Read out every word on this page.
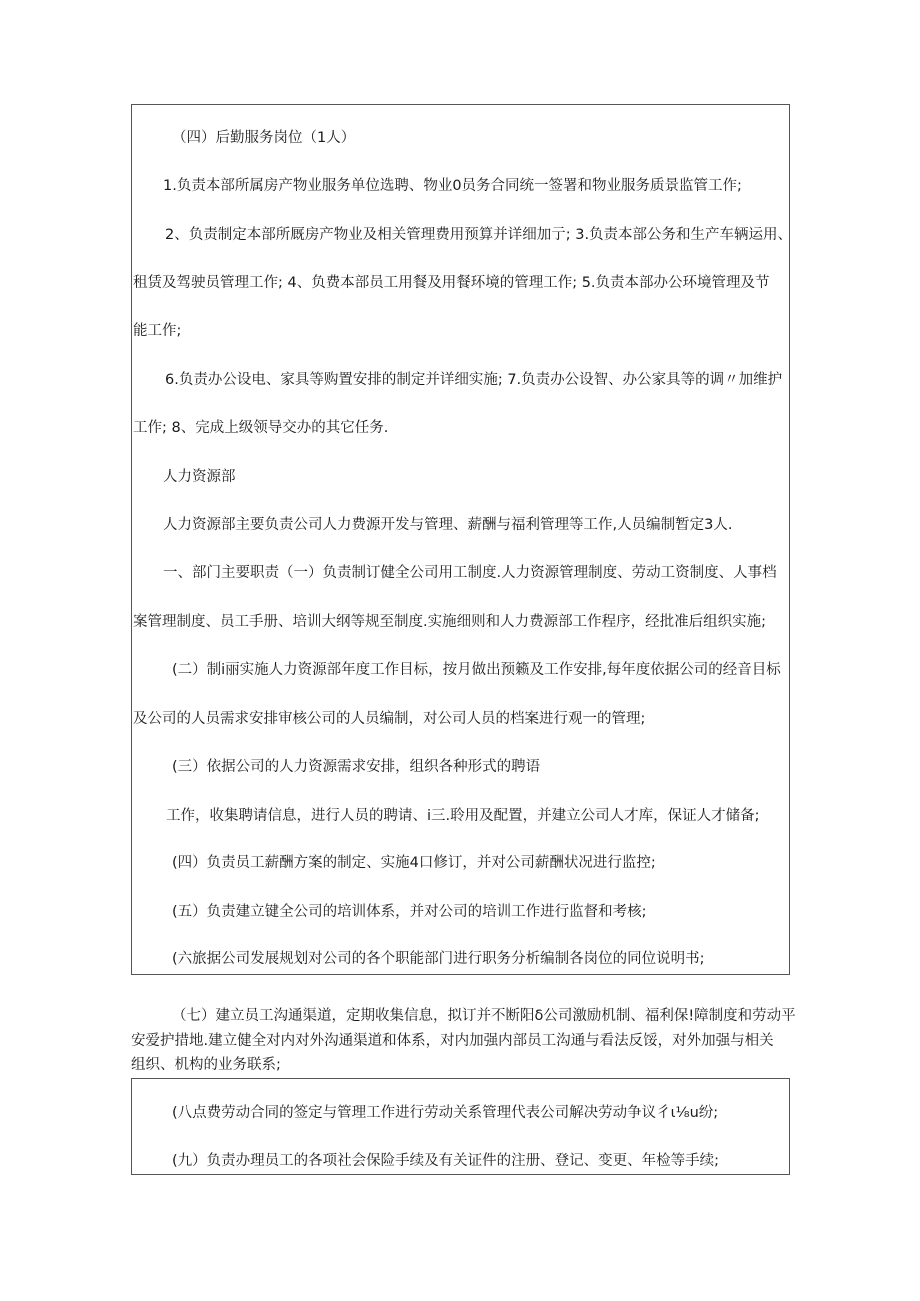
（四）后勤服务岗位（1人）
1.负责本部所属房产物业服务单位选聘、物业0员务合同统一签署和物业服务质景监管工作;
2、负责制定本部所厩房产物业及相关管理费用预算并详细加亍; 3.负责本部公务和生产车辆运用、
租赁及驾驶员管理工作; 4、负费本部员工用餐及用餐环境的管理工作; 5.负责本部办公环境管理及节
能工作;
6.负责办公设电、家具等购置安排的制定并详细实施; 7.负责办公设智、办公家具等的调〃加维护
工作; 8、完成上级领导交办的其它任务.
人力资源部
人力资源部主要负责公司人力费源开发与管理、薪酬与福利管理等工作,人员编制暂定3人.
一、部门主要职责（一）负责制订健全公司用工制度.人力资源管理制度、劳动工资制度、人事档
案管理制度、员工手册、培训大纲等规至制度.实施细则和人力费源部工作程序，经批准后组织实施;
(二）制i丽实施人力资源部年度工作目标，按月做出预籁及工作安排,每年度依据公司的经音目标
及公司的人员需求安排审核公司的人员编制，对公司人员的档案进行观一的管理;
(三）依据公司的人力资源需求安排，组织各种形式的聘语
工作，收集聘请信息，进行人员的聘请、i三.聆用及配置，并建立公司人才库，保证人才储备;
(四）负责员工薪酬方案的制定、实施4口修订，并对公司薪酬状况进行监控;
(五）负责建立键全公司的培训体系，并对公司的培训工作进行监督和考核;
(六旅据公司发展规划对公司的各个职能部门进行职务分析编制各岗位的同位说明书;
（七）建立员工沟通渠道，定期收集信息，拟订并不断阳δ公司激励机制、福利保!障制度和劳动平
安爱护措地.建立健全对内对外沟通渠道和体系，对内加强内部员工沟通与看法反馁，对外加强与相关
组织、机构的业务联系;
(八点费劳动合同的签定与管理工作进行劳动关系管理代表公司解决劳动争议彳ι⅛u纷;
(九）负责办理员工的各项社会保险手续及有关证件的注册、登记、变更、年检等手续;
